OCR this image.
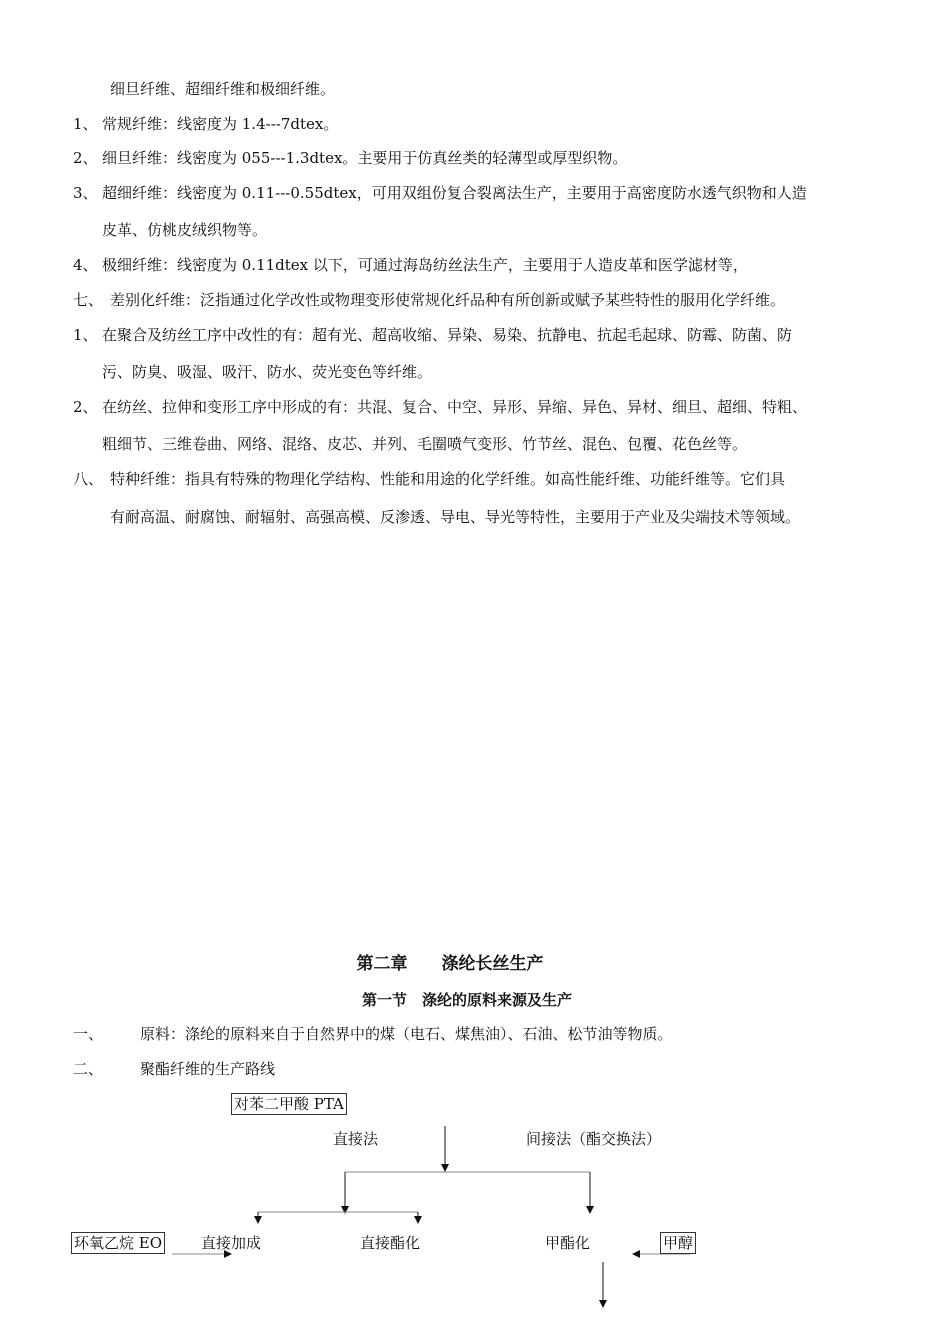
细旦纤维、超细纤维和极细纤维。
1、 常规纤维：线密度为 1.4---7dtex。
2、 细旦纤维：线密度为 055---1.3dtex。主要用于仿真丝类的轻薄型或厚型织物。
3、 超细纤维：线密度为 0.11---0.55dtex，可用双组份复合裂离法生产，主要用于高密度防水透气织物和人造
皮革、仿桃皮绒织物等。
4、 极细纤维：线密度为 0.11dtex 以下，可通过海岛纺丝法生产，主要用于人造皮革和医学滤材等，
七、 差别化纤维：泛指通过化学改性或物理变形使常规化纤品种有所创新或赋予某些特性的服用化学纤维。
1、 在聚合及纺丝工序中改性的有：超有光、超高收缩、异染、易染、抗静电、抗起毛起球、防霉、防菌、防
污、防臭、吸湿、吸汗、防水、荧光变色等纤维。
2、 在纺丝、拉伸和变形工序中形成的有：共混、复合、中空、异形、异缩、异色、异材、细旦、超细、特粗、
粗细节、三维卷曲、网络、混络、皮芯、并列、毛圈喷气变形、竹节丝、混色、包覆、花色丝等。
八、 特种纤维：指具有特殊的物理化学结构、性能和用途的化学纤维。如高性能纤维、功能纤维等。它们具
有耐高温、耐腐蚀、耐辐射、高强高模、反渗透、导电、导光等特性，主要用于产业及尖端技术等领域。
第二章　　涤纶长丝生产
第一节　涤纶的原料来源及生产
一、 原料：涤纶的原料来自于自然界中的煤（电石、煤焦油）、石油、松节油等物质。
二、 聚酯纤维的生产路线
对苯二甲酸 PTA
直接法	间接法（酯交换法）
环氧乙烷 EO	直接加成	直接酯化	甲酯化	甲醇
